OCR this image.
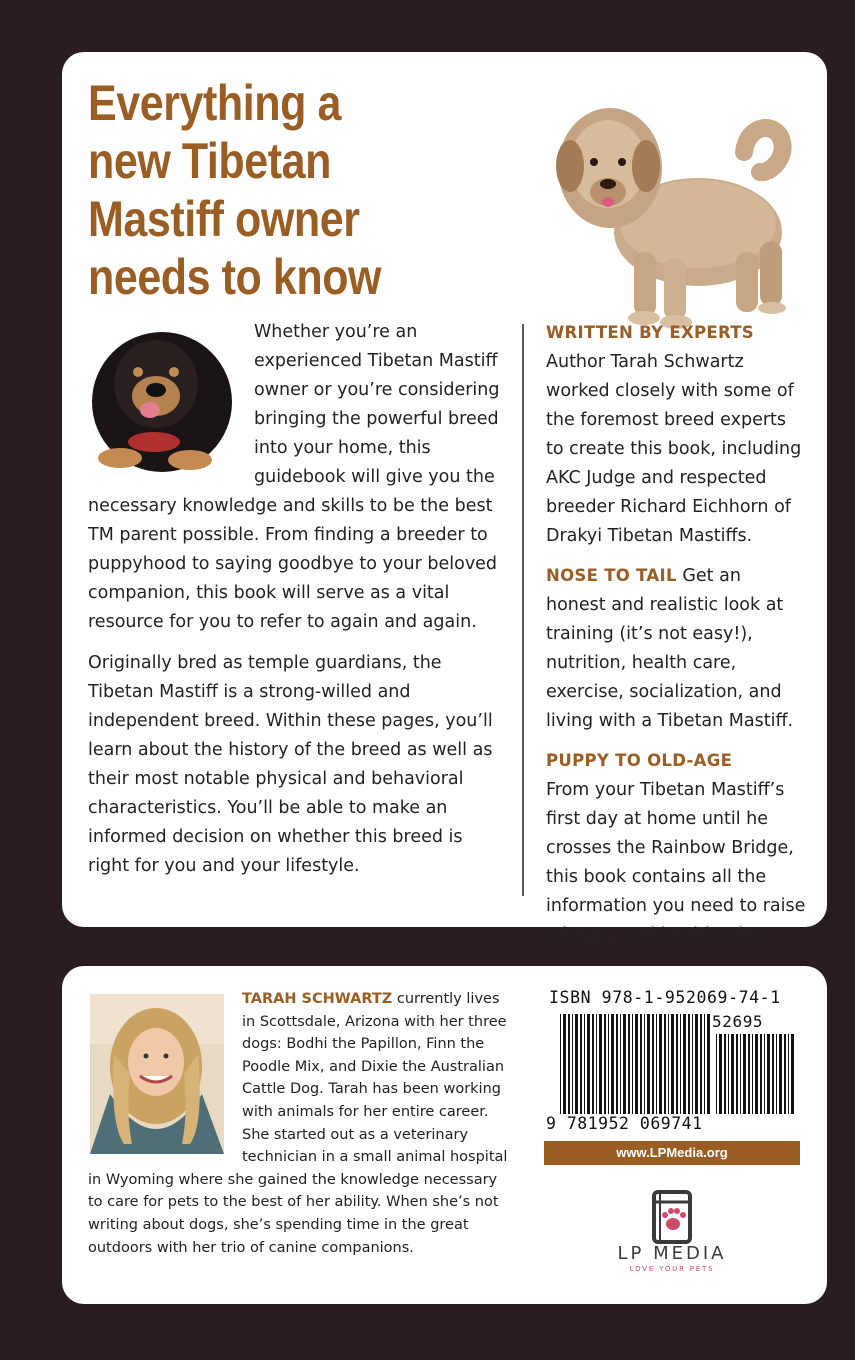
Everything a
new Tibetan
Mastiff owner
needs to know

Whether you’re an experienced Tibetan Mastiff owner or you’re considering bringing the powerful breed into your home, this guidebook will give you the necessary knowledge and skills to be the best TM parent possible. From finding a breeder to puppyhood to saying goodbye to your beloved companion, this book will serve as a vital resource for you to refer to again and again.

Originally bred as temple guardians, the Tibetan Mastiff is a strong-willed and independent breed. Within these pages, you’ll learn about the history of the breed as well as their most notable physical and behavioral characteristics. You’ll be able to make an informed decision on whether this breed is right for you and your lifestyle.

WRITTEN BY EXPERTS
Author Tarah Schwartz worked closely with some of the foremost breed experts to create this book, including AKC Judge and respected breeder Richard Eichhorn of Drakyi Tibetan Mastiffs.

NOSE TO TAIL Get an honest and realistic look at training (it’s not easy!), nutrition, health care, exercise, socialization, and living with a Tibetan Mastiff.

PUPPY TO OLD-AGE
From your Tibetan Mastiff’s first day at home until he crosses the Rainbow Bridge, this book contains all the information you need to raise a happy and healthy dog.

TARAH SCHWARTZ currently lives in Scottsdale, Arizona with her three dogs: Bodhi the Papillon, Finn the Poodle Mix, and Dixie the Australian Cattle Dog. Tarah has been working with animals for her entire career. She started out as a veterinary technician in a small animal hospital in Wyoming where she gained the knowledge necessary to care for pets to the best of her ability. When she’s not writing about dogs, she’s spending time in the great outdoors with her trio of canine companions.

ISBN 978-1-952069-74-1
52695
9 781952 069741
www.LPMedia.org
LP MEDIA
LOVE YOUR PETS
